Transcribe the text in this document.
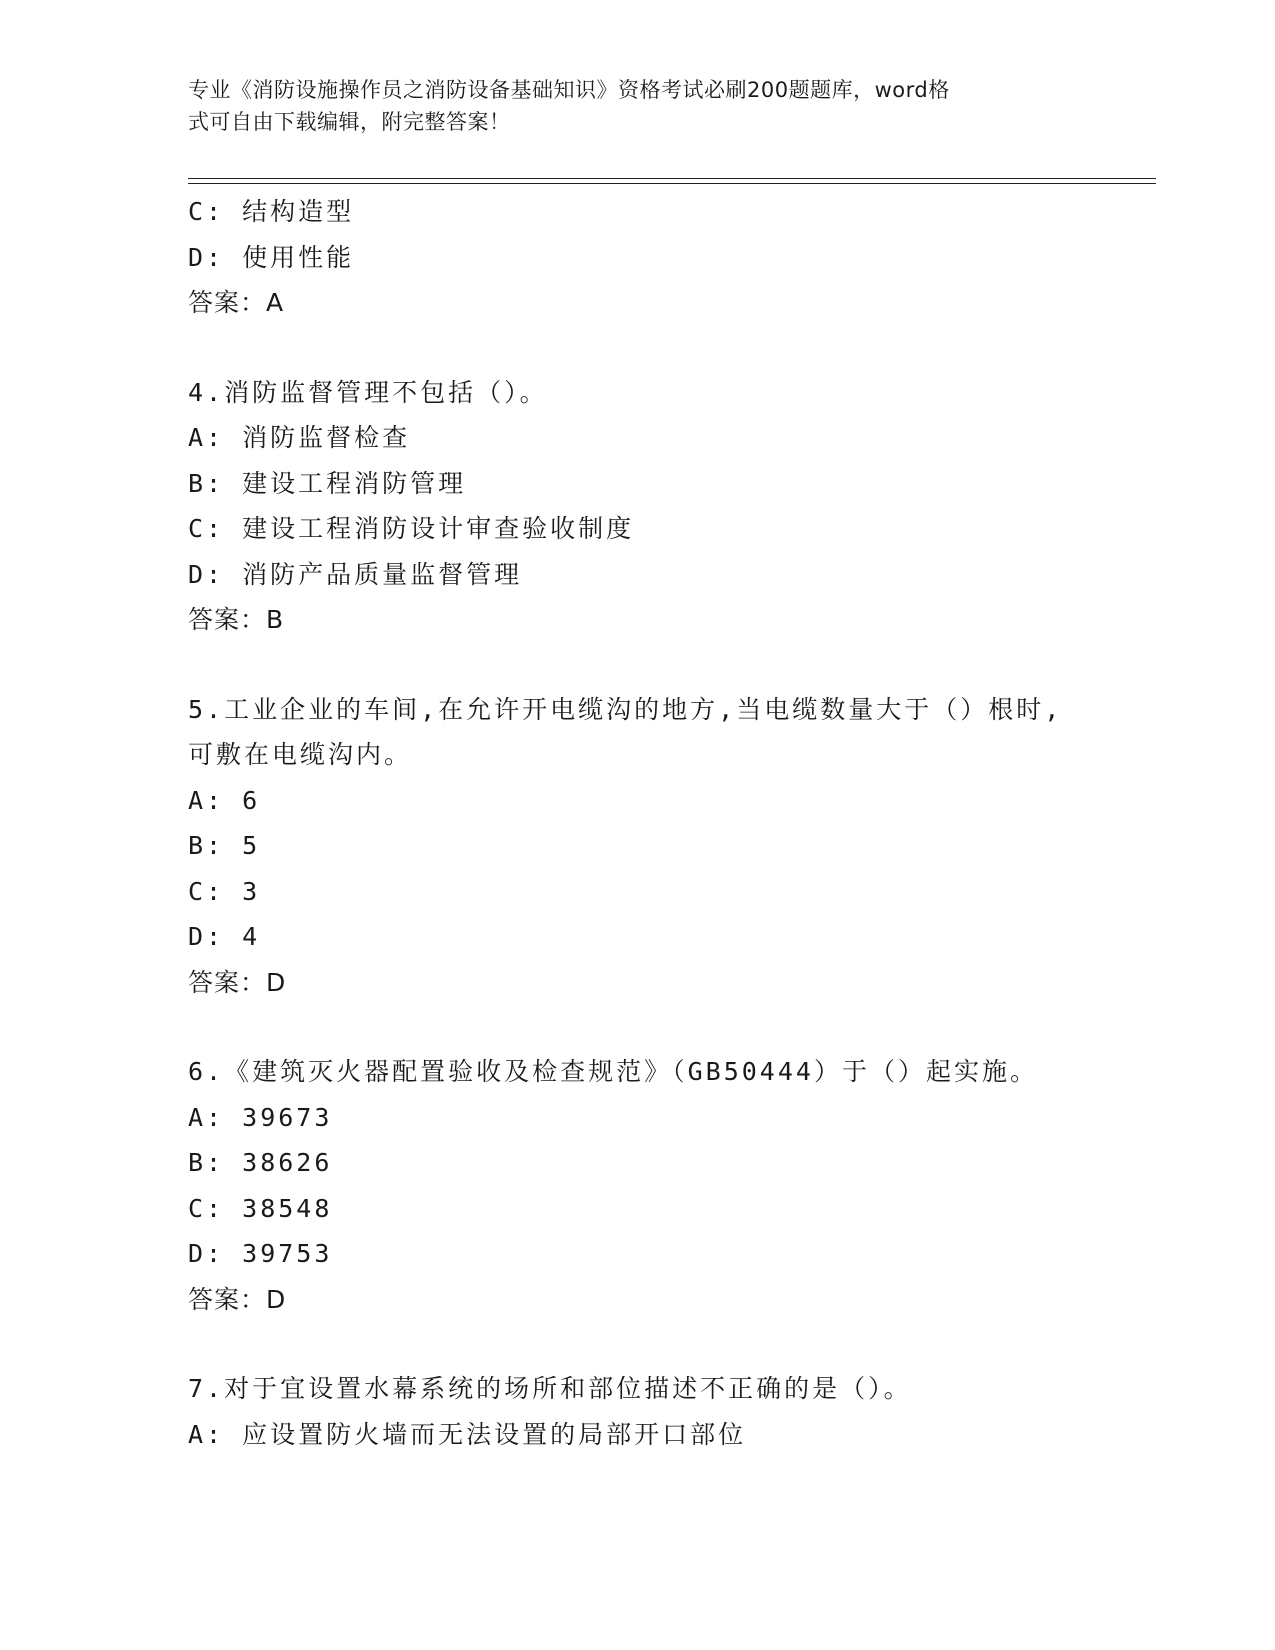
专业《消防设施操作员之消防设备基础知识》资格考试必刷200题题库，word格
式可自由下载编辑，附完整答案！
C: 结构造型
D: 使用性能
答案：A
4.消防监督管理不包括（）。
A: 消防监督检查
B: 建设工程消防管理
C: 建设工程消防设计审查验收制度
D: 消防产品质量监督管理
答案：B
5.工业企业的车间,在允许开电缆沟的地方,当电缆数量大于（）根时,
可敷在电缆沟内。
A: 6
B: 5
C: 3
D: 4
答案：D
6.《建筑灭火器配置验收及检查规范》（GB50444）于（）起实施。
A: 39673
B: 38626
C: 38548
D: 39753
答案：D
7.对于宜设置水幕系统的场所和部位描述不正确的是（）。
A: 应设置防火墙而无法设置的局部开口部位
